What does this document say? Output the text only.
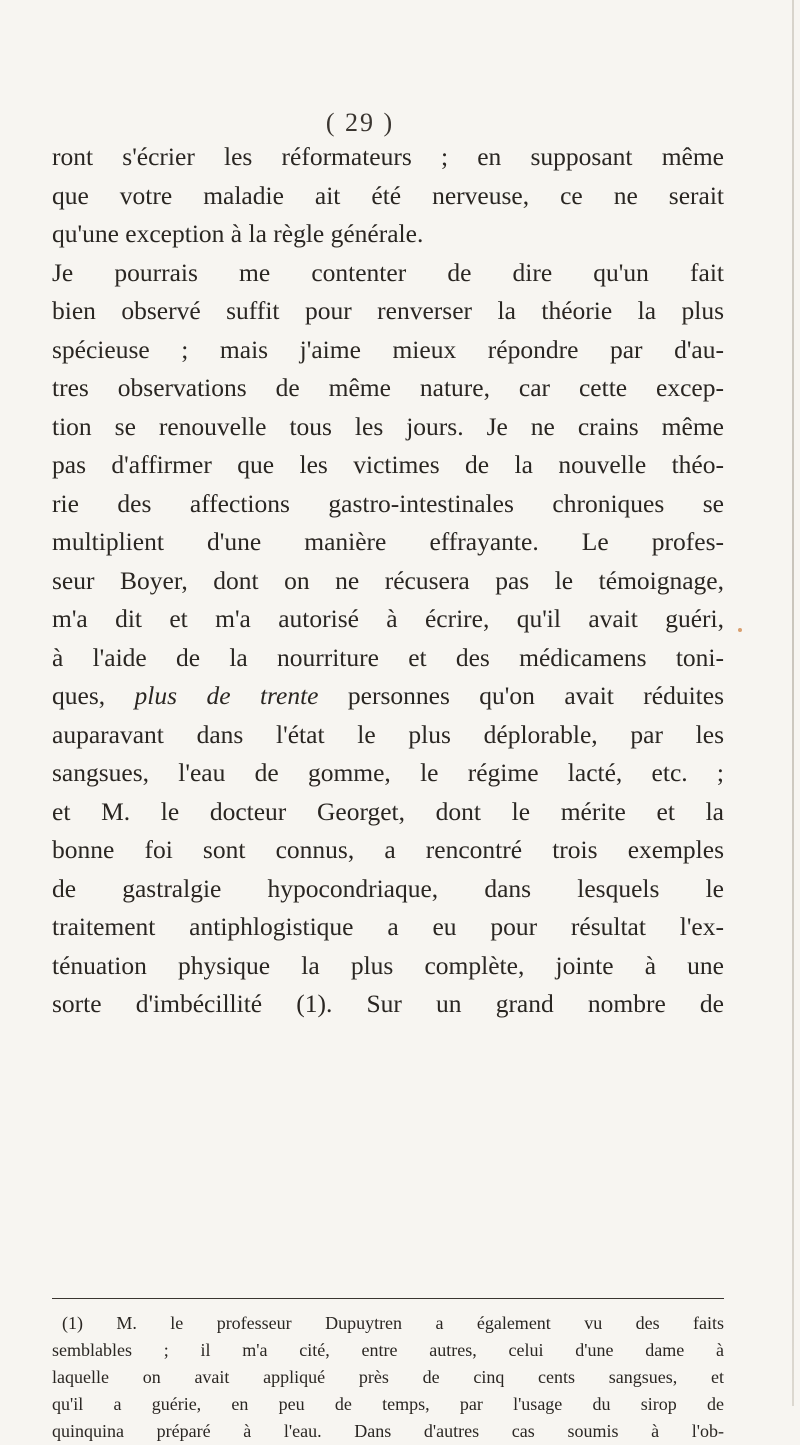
( 29 )
ront s'écrier les réformateurs ; en supposant même
que votre maladie ait été nerveuse, ce ne serait
qu'une exception à la règle générale.
Je pourrais me contenter de dire qu'un fait
bien observé suffit pour renverser la théorie la plus
spécieuse ; mais j'aime mieux répondre par d'au-
tres observations de même nature, car cette excep-
tion se renouvelle tous les jours. Je ne crains même
pas d'affirmer que les victimes de la nouvelle théo-
rie des affections gastro-intestinales chroniques se
multiplient d'une manière effrayante. Le profes-
seur Boyer, dont on ne récusera pas le témoignage,
m'a dit et m'a autorisé à écrire, qu'il avait guéri,
à l'aide de la nourriture et des médicamens toni-
ques, plus de trente personnes qu'on avait réduites
auparavant dans l'état le plus déplorable, par les
sangsues, l'eau de gomme, le régime lacté, etc. ;
et M. le docteur Georget, dont le mérite et la
bonne foi sont connus, a rencontré trois exemples
de gastralgie hypocondriaque, dans lesquels le
traitement antiphlogistique a eu pour résultat l'ex-
ténuation physique la plus complète, jointe à une
sorte d'imbécillité (1). Sur un grand nombre de
(1) M. le professeur Dupuytren a également vu des faits
semblables ; il m'a cité, entre autres, celui d'une dame à
laquelle on avait appliqué près de cinq cents sangsues, et
qu'il a guérie, en peu de temps, par l'usage du sirop de
quinquina préparé à l'eau. Dans d'autres cas soumis à l'ob-
